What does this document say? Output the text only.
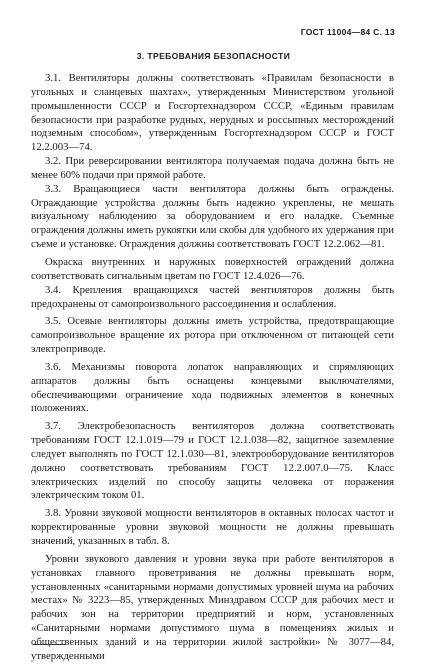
ГОСТ 11004—84 С. 13
3. ТРЕБОВАНИЯ БЕЗОПАСНОСТИ

3.1. Вентиляторы должны соответствовать «Правилам безопасности в угольных и сланцевых шахтах», утвержденным Министерством угольной промышленности СССР и Госгортехнадзором СССР, «Единым правилам безопасности при разработке рудных, нерудных и россыпных месторождений подземным способом», утвержденным Госгортехнадзором СССР и ГОСТ 12.2.003—74.

3.2. При реверсировании вентилятора получаемая подача должна быть не менее 60% подачи при прямой работе.

3.3. Вращающиеся части вентилятора должны быть ограждены. Ограждающие устройства должны быть надежно укреплены, не мешать визуальному наблюдению за оборудованием и его наладке. Съемные ограждения должны иметь рукоятки или скобы для удобного их удержания при съеме и установке. Ограждения должны соответствовать ГОСТ 12.2.062—81.

Окраска внутренних и наружных поверхностей ограждений должна соответствовать сигнальным цветам по ГОСТ 12.4.026—76.

3.4. Крепления вращающихся частей вентиляторов должны быть предохранены от самопроизвольного рассоединения и ослабления.

3.5. Осевые вентиляторы должны иметь устройства, предотвращающие самопроизвольное вращение их ротора при отключенном от питающей сети электроприводе.

3.6. Механизмы поворота лопаток направляющих и спрямляющих аппаратов должны быть оснащены концевыми выключателями, обеспечивающими ограничение хода подвижных элементов в конечных положениях.

3.7. Электробезопасность вентиляторов должна соответствовать требованиям ГОСТ 12.1.019—79 и ГОСТ 12.1.038—82, защитное заземление следует выполнять по ГОСТ 12.1.030—81, электрооборудование вентиляторов должно соответствовать требованиям ГОСТ 12.2.007.0—75. Класс электрических изделий по способу защиты человека от поражения электрическим током 01.

3.8. Уровни звуковой мощности вентиляторов в октавных полосах частот и корректированные уровни звуковой мощности не должны превышать значений, указанных в табл. 8.

Уровни звукового давления и уровни звука при работе вентиляторов в установках главного проветривания не должны превышать норм, установленных «санитарными нормами допустимых уровней шума на рабочих местах» № 3223—85, утвержденных Минздравом СССР для рабочих мест и рабочих зон на территории предприятий и норм, установленных «Санитарными нормами допустимого шума в помещениях жилых и общественных зданий и на территории жилой застройки» № 3077—84, утвержденными
